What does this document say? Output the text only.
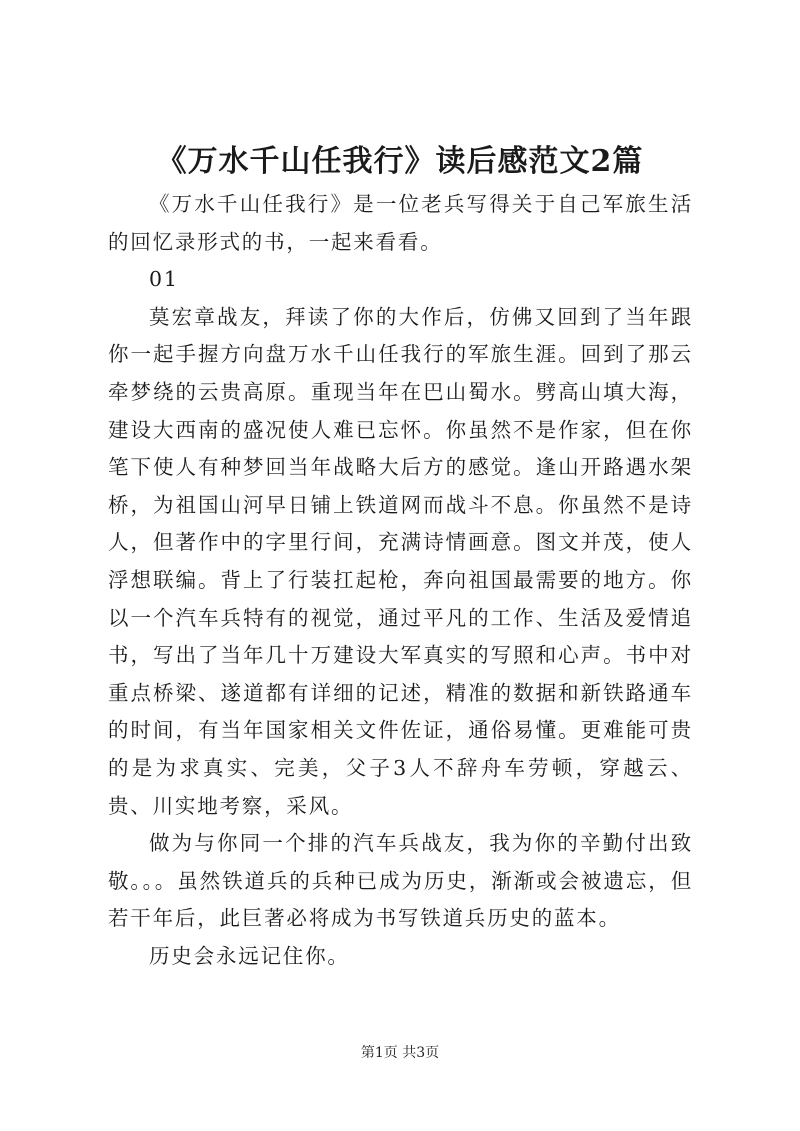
《万水千山任我行》读后感范文2篇

《万水千山任我行》是一位老兵写得关于自己军旅生活的回忆录形式的书，一起来看看。

01

莫宏章战友，拜读了你的大作后，仿佛又回到了当年跟你一起手握方向盘万水千山任我行的军旅生涯。回到了那云牵梦绕的云贵高原。重现当年在巴山蜀水。劈高山填大海，建设大西南的盛况使人难已忘怀。你虽然不是作家，但在你笔下使人有种梦回当年战略大后方的感觉。逢山开路遇水架桥，为祖国山河早日铺上铁道网而战斗不息。你虽然不是诗人，但著作中的字里行间，充满诗情画意。图文并茂，使人浮想联编。背上了行装扛起枪，奔向祖国最需要的地方。你以一个汽车兵特有的视觉，通过平凡的工作、生活及爱情追书，写出了当年几十万建设大军真实的写照和心声。书中对重点桥梁、遂道都有详细的记述，精准的数据和新铁路通车的时间，有当年国家相关文件佐证，通俗易懂。更难能可贵的是为求真实、完美，父子3人不辞舟车劳顿，穿越云、贵、川实地考察，采风。

做为与你同一个排的汽车兵战友，我为你的辛勤付出致敬。。。虽然铁道兵的兵种已成为历史，渐渐或会被遗忘，但若干年后，此巨著必将成为书写铁道兵历史的蓝本。

历史会永远记住你。

第1页 共3页
